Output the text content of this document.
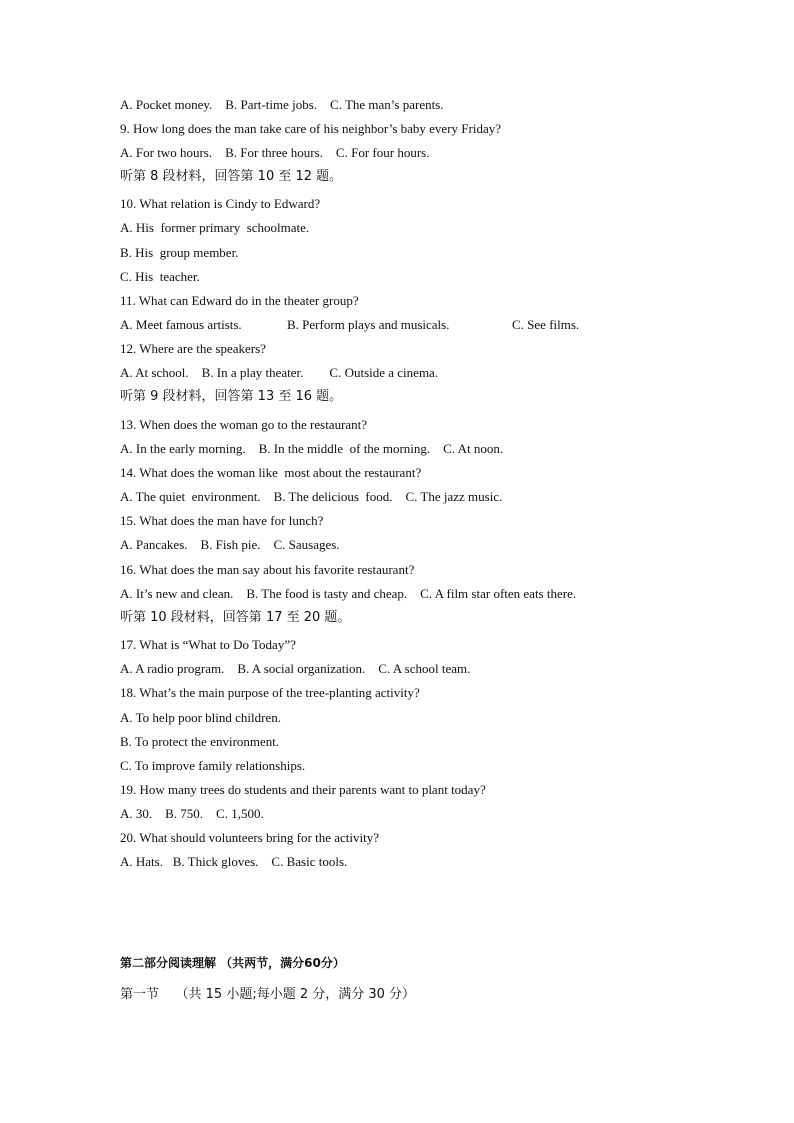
A. Pocket money.    B. Part-time jobs.    C. The man’s parents.
9. How long does the man take care of his neighbor’s baby every Friday?
A. For two hours.    B. For three hours.    C. For four hours.
听第 8 段材料，回答第 10 至 12 题。
10. What relation is Cindy to Edward?
A. His  former primary  schoolmate.
B. His  group member.
C. His  teacher.
11. What can Edward do in the theater group?
A. Meet famous artists.	B. Perform plays and musicals.	C. See films.
12. Where are the speakers?
A. At school.    B. In a play theater.        C. Outside a cinema.
听第 9 段材料，回答第 13 至 16 题。
13. When does the woman go to the restaurant?
A. In the early morning.    B. In the middle  of the morning.    C. At noon.
14. What does the woman like  most about the restaurant?
A. The quiet  environment.    B. The delicious  food.    C. The jazz music.
15. What does the man have for lunch?
A. Pancakes.    B. Fish pie.    C. Sausages.
16. What does the man say about his favorite restaurant?
A. It’s new and clean.    B. The food is tasty and cheap.    C. A film star often eats there.
听第 10 段材料，回答第 17 至 20 题。
17. What is “What to Do Today”?
A. A radio program.    B. A social organization.    C. A school team.
18. What’s the main purpose of the tree-planting activity?
A. To help poor blind children.
B. To protect the environment.
C. To improve family relationships.
19. How many trees do students and their parents want to plant today?
A. 30.    B. 750.    C. 1,500.
20. What should volunteers bring for the activity?
A. Hats.   B. Thick gloves.    C. Basic tools.
第二部分阅读理解 （共两节，满分60分）
第一节    （共 15 小题;每小题 2 分，满分 30 分）
